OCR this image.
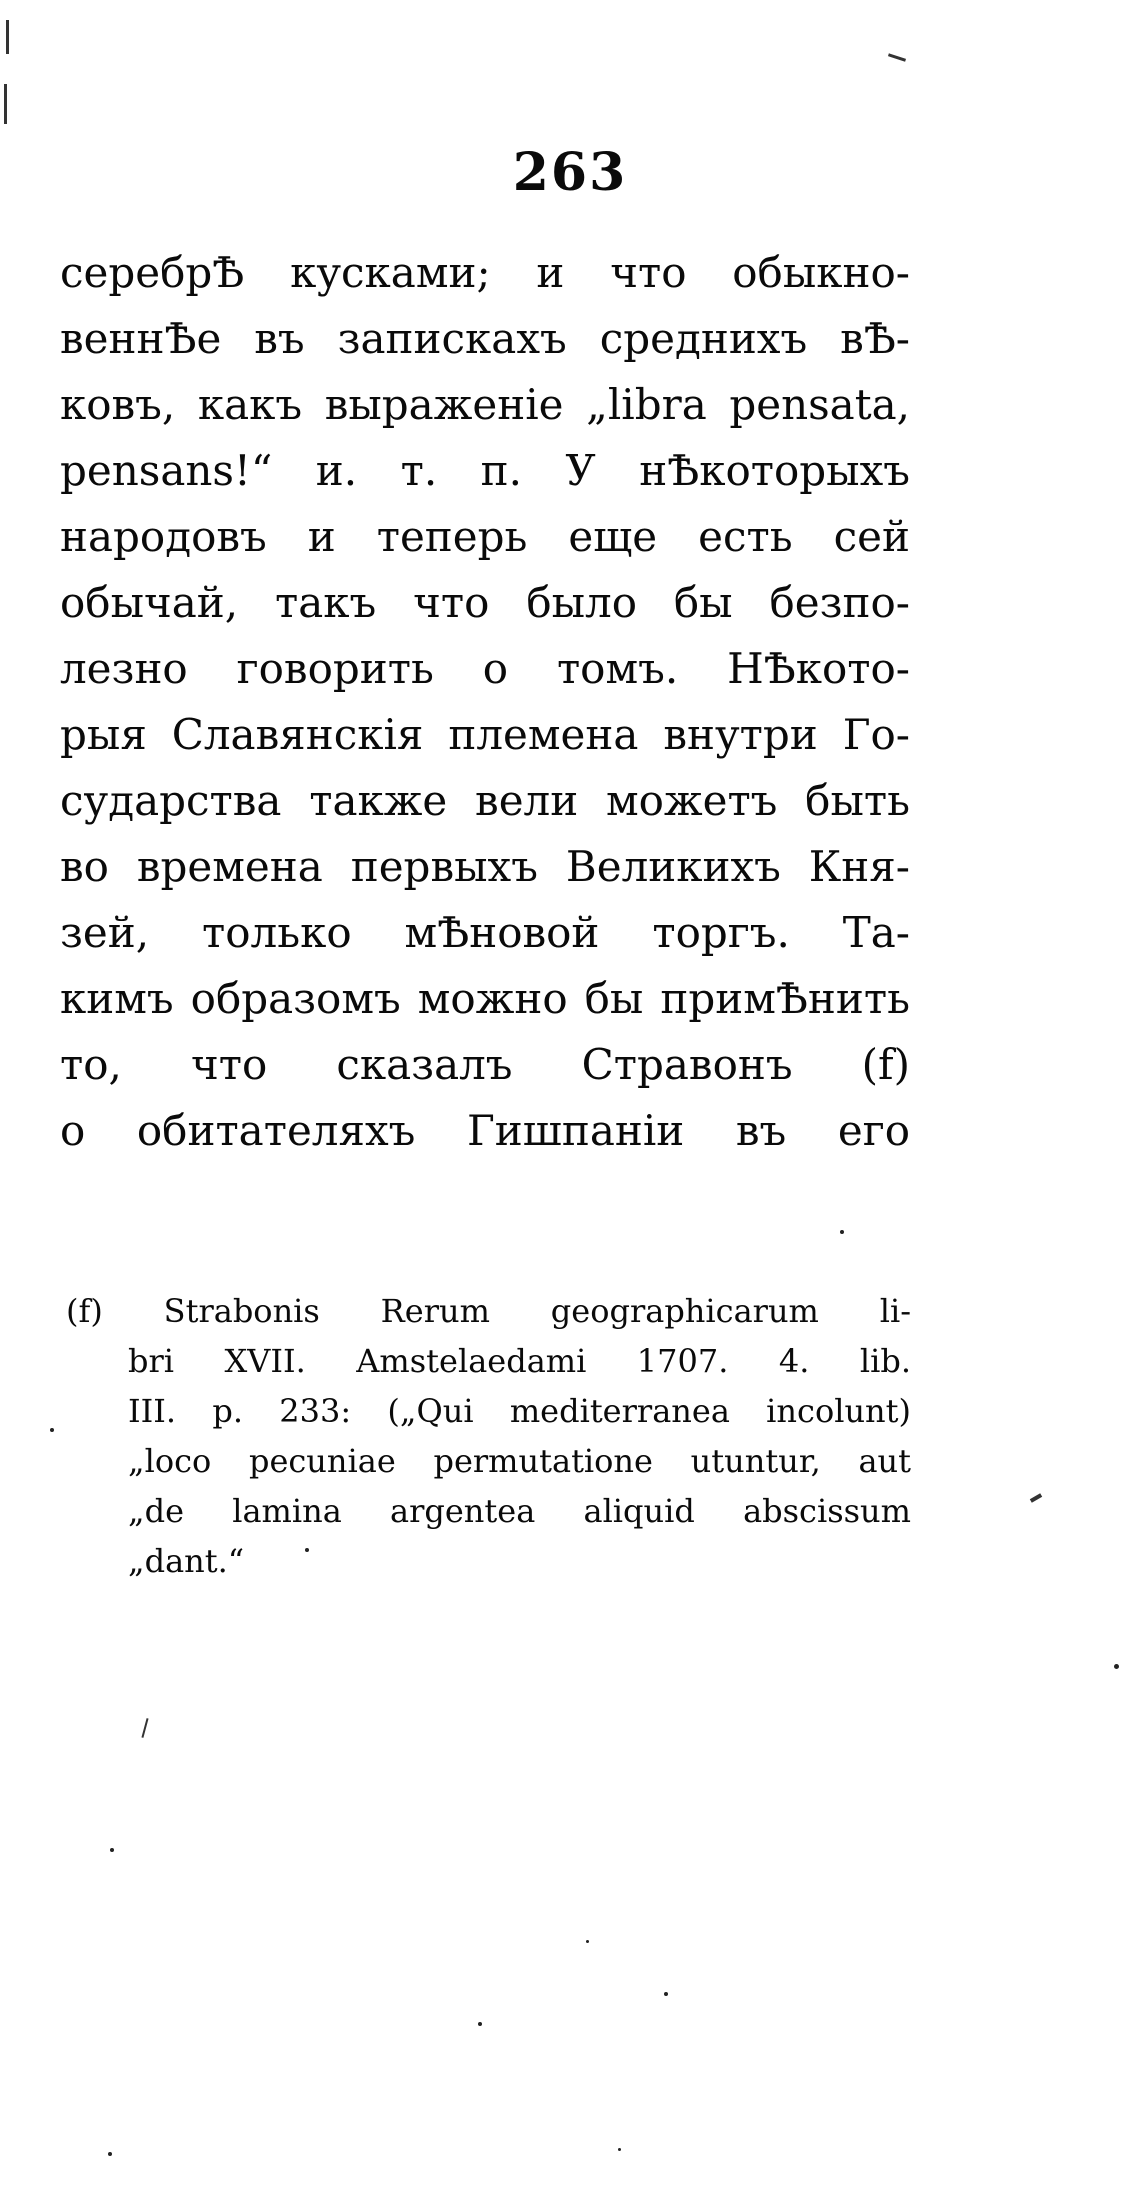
263
серебрѢ кусками; и что обыкно-
веннѢе въ запискахъ среднихъ вѢ-
ковъ, какъ выраженіе „libra pensata,
pensans!“ и. т. п. У нѢкоторыхъ
народовъ и теперь еще есть сей
обычай, такъ что было бы безпо-
лезно говорить о томъ. НѢкото-
рыя Славянскія племена внутри Го-
сударства также вели можетъ быть
во времена первыхъ Великихъ Кня-
зей, только мѢновой торгъ. Та-
кимъ образомъ можно бы примѢнить
то, что сказалъ Стравонъ (f)
о обитателяхъ Гишпаніи въ его
(f) Strabonis Rerum geographicarum li-
bri XVII. Amstelaedami 1707. 4. lib.
III. p. 233: („Qui mediterranea incolunt)
„loco pecuniae permutatione utuntur, aut
„de lamina argentea aliquid abscissum
„dant.“
